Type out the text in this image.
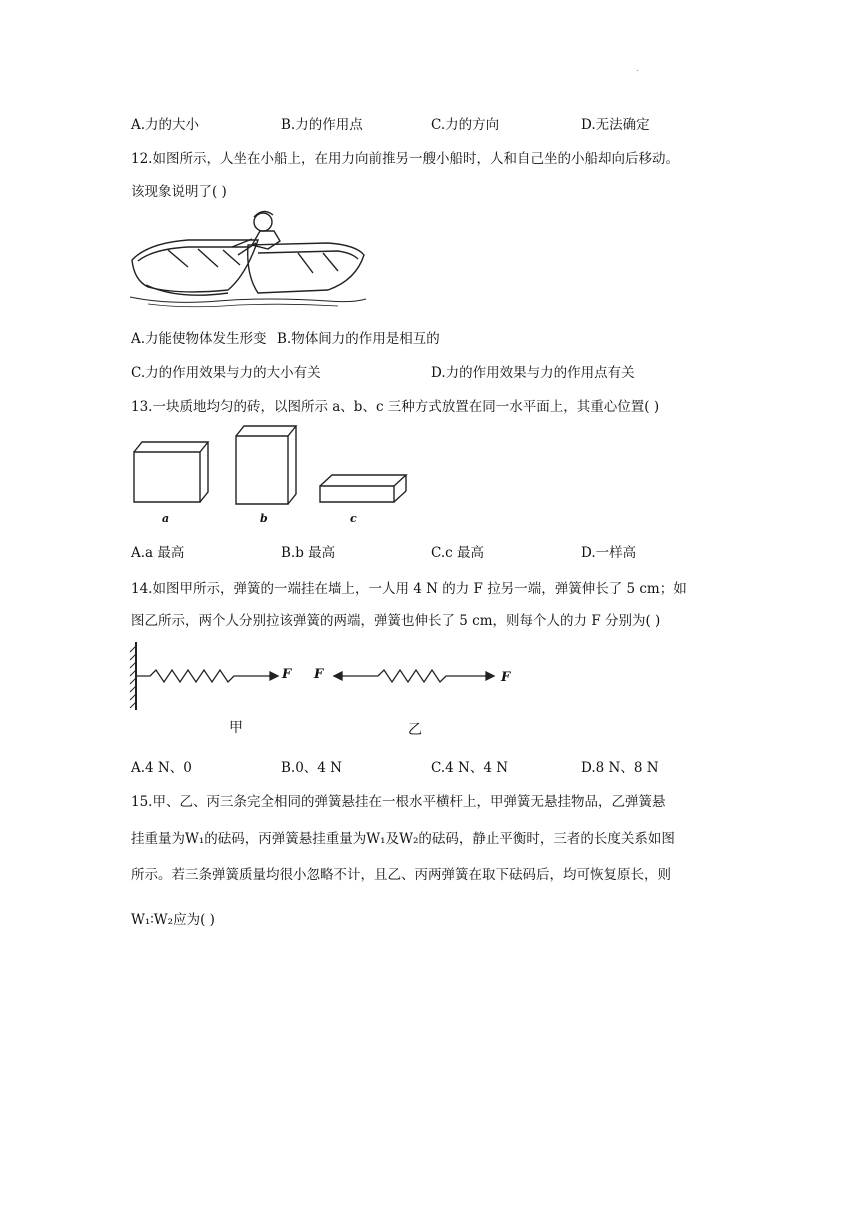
.
A.力的大小	B.力的作用点	C.力的方向	D.无法确定
12.如图所示，人坐在小船上，在用力向前推另一艘小船时，人和自己坐的小船却向后移动。
该现象说明了( )
A.力能使物体发生形变 B.物体间力的作用是相互的
C.力的作用效果与力的大小有关	D.力的作用效果与力的作用点有关
13.一块质地均匀的砖，以图所示 a、b、c 三种方式放置在同一水平面上，其重心位置( )
a	b	c
A.a 最高	B.b 最高	C.c 最高	D.一样高
14.如图甲所示，弹簧的一端挂在墙上，一人用 4 N 的力 F 拉另一端，弹簧伸长了 5 cm；如
图乙所示，两个人分别拉该弹簧的两端，弹簧也伸长了 5 cm，则每个人的力 F 分别为( )
F F	F
甲	乙
A.4 N、0	B.0、4 N	C.4 N、4 N	D.8 N、8 N
15.甲、乙、丙三条完全相同的弹簧悬挂在一根水平横杆上，甲弹簧无悬挂物品，乙弹簧悬
挂重量为W₁的砝码，丙弹簧悬挂重量为W₁及W₂的砝码，静止平衡时，三者的长度关系如图
所示。若三条弹簧质量均很小忽略不计，且乙、丙两弹簧在取下砝码后，均可恢复原长，则
W₁∶W₂应为( )
